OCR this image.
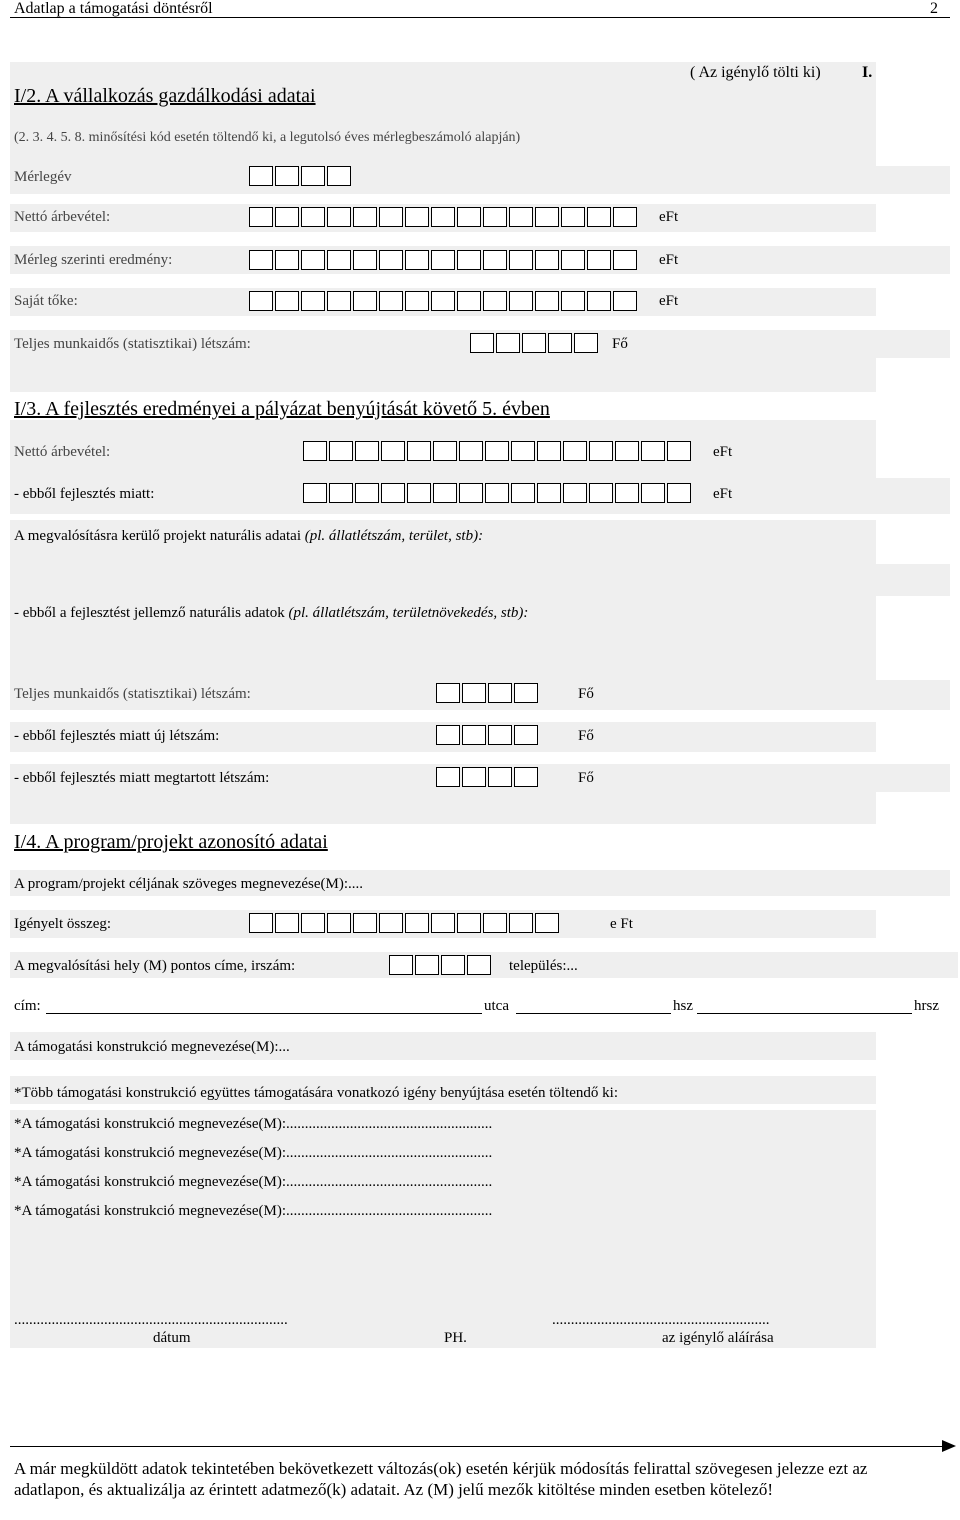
Adatlap a támogatási döntésről	2
( Az igénylő tölti ki)	I.
I/2. A vállalkozás gazdálkodási adatai
(2. 3. 4. 5. 8. minősítési kód esetén töltendő ki, a legutolsó éves mérlegbeszámoló alapján)
Mérlegév
Nettó árbevétel:	eFt
Mérleg szerinti eredmény:	eFt
Saját tőke:	eFt
Teljes munkaidős (statisztikai) létszám:	Fő
I/3. A fejlesztés eredményei a pályázat benyújtását követő 5. évben
Nettó árbevétel:	eFt
- ebből fejlesztés miatt:	eFt
A megvalósításra kerülő projekt naturális adatai (pl. állatlétszám, terület, stb):
- ebből a fejlesztést jellemző naturális adatok (pl. állatlétszám, területnövekedés, stb):
Teljes munkaidős (statisztikai) létszám:	Fő
- ebből fejlesztés miatt új létszám:	Fő
- ebből fejlesztés miatt megtartott létszám:	Fő
I/4. A program/projekt azonosító adatai
A program/projekt céljának szöveges megnevezése(M):....
Igényelt összeg:	e Ft
A megvalósítási hely (M) pontos címe, irszám:	település:...
cím:	utca	hsz	hrsz
A támogatási konstrukció megnevezése(M):...
*Több támogatási konstrukció együttes támogatására vonatkozó igény benyújtása esetén töltendő ki:
*A támogatási konstrukció megnevezése(M):.......................................................
*A támogatási konstrukció megnevezése(M):.......................................................
*A támogatási konstrukció megnevezése(M):.......................................................
*A támogatási konstrukció megnevezése(M):.......................................................
.........................................................................	..........................................................
dátum	PH.	az igénylő aláírása
A már megküldött adatok tekintetében bekövetkezett változás(ok) esetén kérjük módosítás felirattal szövegesen jelezze ezt az adatlapon, és aktualizálja az érintett adatmező(k) adatait. Az (M) jelű mezők kitöltése minden esetben kötelező!
